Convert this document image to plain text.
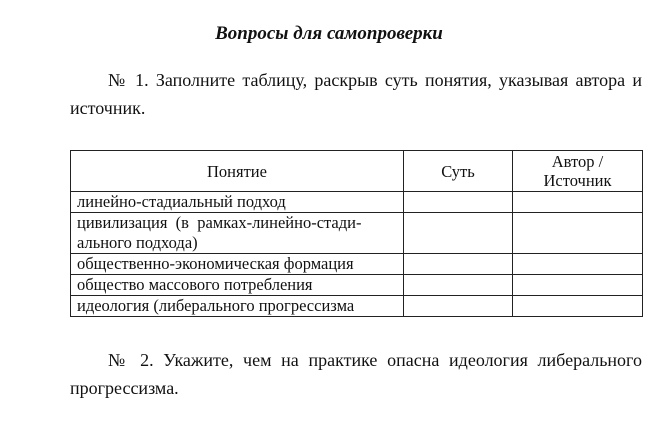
Вопросы для самопроверки

№ 1. Заполните таблицу, раскрыв суть понятия, указывая автора и источник.

Понятие	Суть	Автор /
Источник
линейно-стадиальный подход		
цивилизация  (в  рамках-линейно-стади-
ального подхода)		
общественно-экономическая формация		
общество массового потребления		
идеология (либерального прогрессизма		

№ 2. Укажите, чем на практике опасна идеология либерального прогрессизма.
